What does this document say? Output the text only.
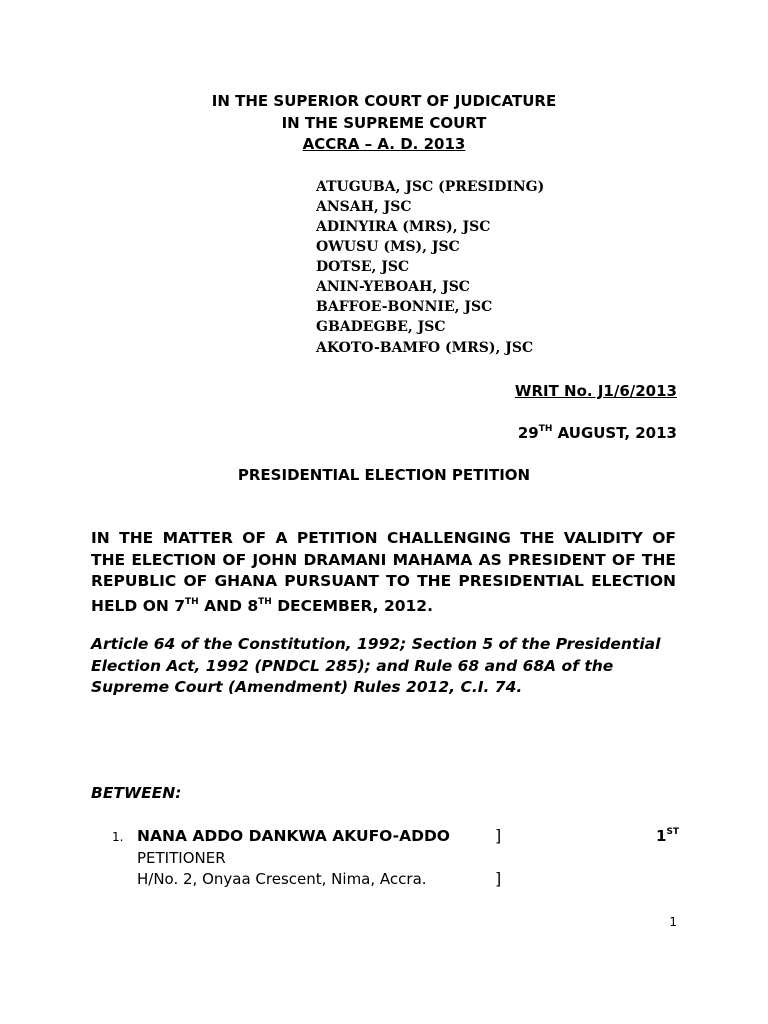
IN THE SUPERIOR COURT OF JUDICATURE
IN THE SUPREME COURT
ACCRA – A. D. 2013
ATUGUBA, JSC (PRESIDING)
ANSAH, JSC
ADINYIRA (MRS), JSC
OWUSU (MS), JSC
DOTSE, JSC
ANIN-YEBOAH, JSC
BAFFOE-BONNIE, JSC
GBADEGBE, JSC
AKOTO-BAMFO (MRS), JSC
WRIT No. J1/6/2013
29TH AUGUST, 2013
PRESIDENTIAL ELECTION PETITION
IN THE MATTER OF A PETITION CHALLENGING THE VALIDITY OF THE ELECTION OF JOHN DRAMANI MAHAMA AS PRESIDENT OF THE REPUBLIC OF GHANA PURSUANT TO THE PRESIDENTIAL ELECTION HELD ON 7TH AND 8TH DECEMBER, 2012.
Article 64 of the Constitution, 1992; Section 5 of the Presidential Election Act, 1992 (PNDCL 285); and Rule 68 and 68A of the Supreme Court (Amendment) Rules 2012, C.I. 74.
BETWEEN:
1. NANA ADDO DANKWA AKUFO-ADDO	]	1ST
PETITIONER
H/No. 2, Onyaa Crescent, Nima, Accra.	]
1
